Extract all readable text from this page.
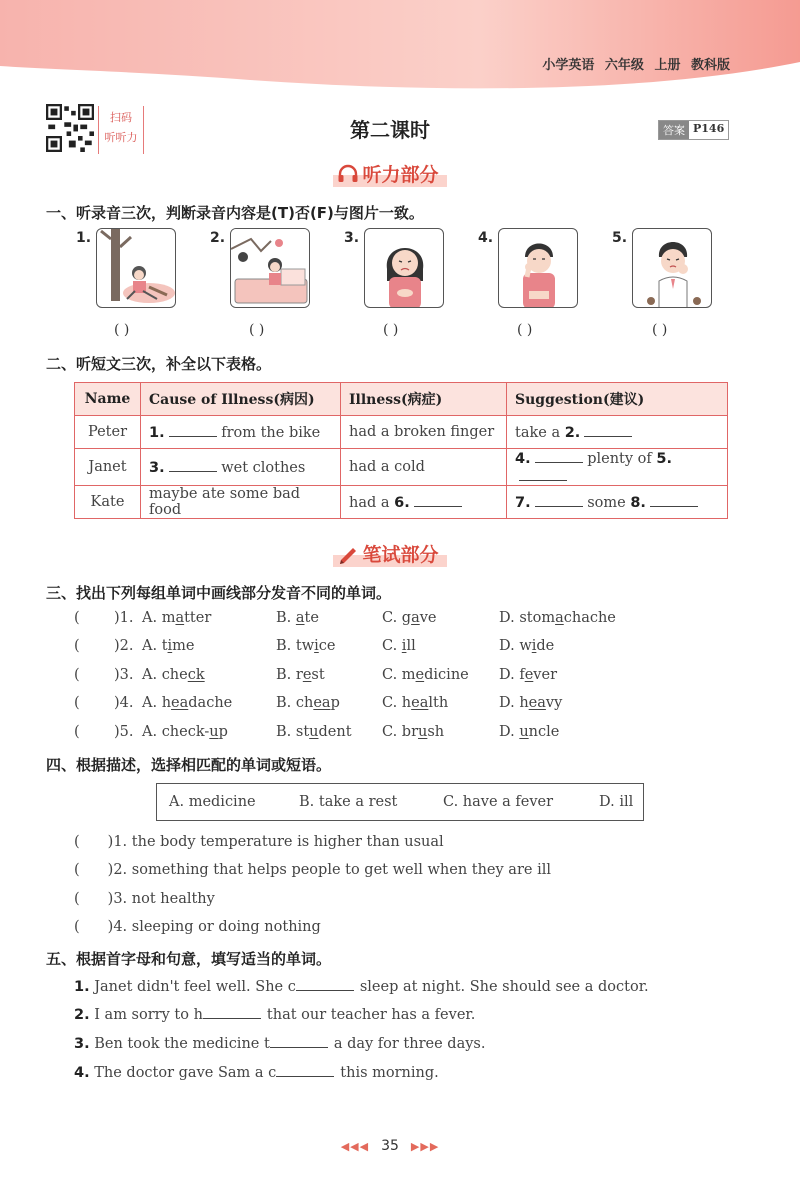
小学英语 六年级 上册 教科版
扫码
听听力	第二课时	答案 P146
听力部分
一、听录音三次，判断录音内容是(T)否(F)与图片一致。
1.	2.	3.	4.	5.
( )	( )	( )	( )	( )
二、听短文三次，补全以下表格。
Name	Cause of Illness(病因)	Illness(病症)	Suggestion(建议)
Peter	1. from the bike	had a broken finger	take a 2.
Janet	3. wet clothes	had a cold	4. plenty of 5.
Kate	maybe ate some bad food	had a 6.	7. some 8.
笔试部分
三、找出下列每组单词中画线部分发音不同的单词。
( )1. A. matter	B. ate	C. gave	D. stomachache
( )2. A. time	B. twice	C. ill	D. wide
( )3. A. check	B. rest	C. medicine D. fever
( )4. A. headache	B. cheap	C. health	D. heavy
( )5. A. check-up	B. student C. brush	D. uncle
四、根据描述，选择相匹配的单词或短语。
A. medicine	B. take a rest	C. have a fever	D. ill
( )1. the body temperature is higher than usual
( )2. something that helps people to get well when they are ill
( )3. not healthy
( )4. sleeping or doing nothing
五、根据首字母和句意，填写适当的单词。
1. Janet didn't feel well. She c	sleep at night. She should see a doctor.
2. I am sorry to h	that our teacher has a fever.
3. Ben took the medicine t	a day for three days.
4. The doctor gave Sam a c	this morning.
◀◀◀ 35 ▶▶▶
